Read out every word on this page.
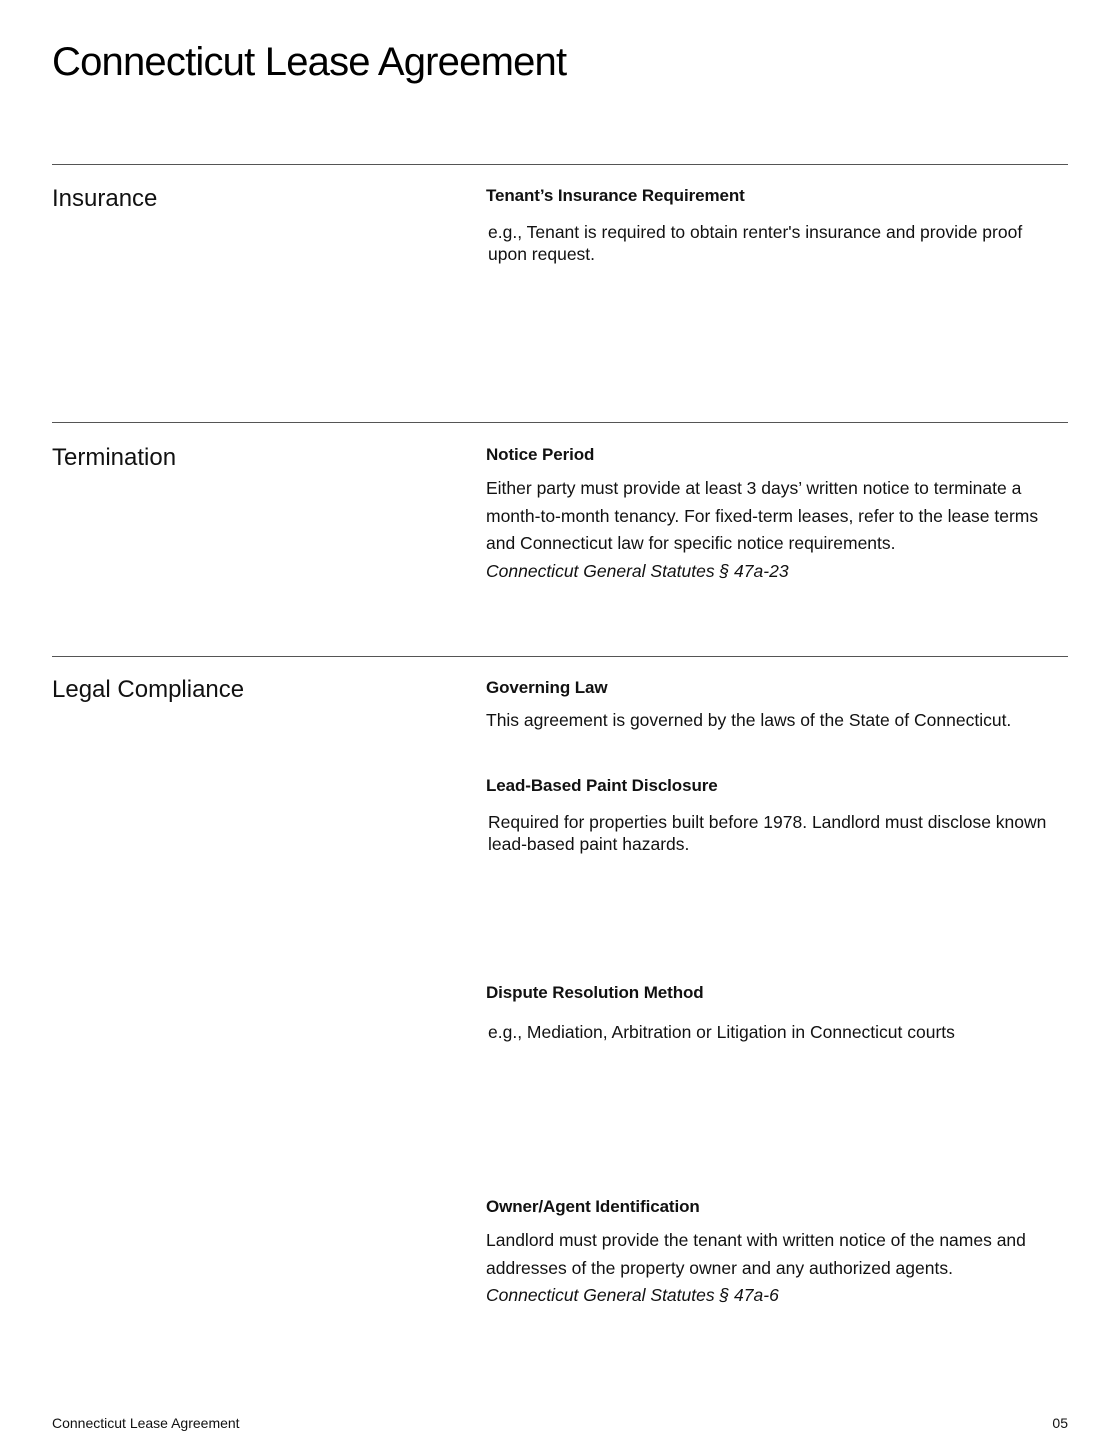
Connecticut Lease Agreement
Insurance	Tenant’s Insurance Requirement
e.g., Tenant is required to obtain renter's insurance and provide proof upon request.
Termination	Notice Period
Either party must provide at least 3 days’ written notice to terminate a month-to-month tenancy. For fixed-term leases, refer to the lease terms and Connecticut law for specific notice requirements.
Connecticut General Statutes § 47a-23
Legal Compliance	Governing Law
This agreement is governed by the laws of the State of Connecticut.
Lead-Based Paint Disclosure
Required for properties built before 1978. Landlord must disclose known lead-based paint hazards.
Dispute Resolution Method
e.g., Mediation, Arbitration or Litigation in Connecticut courts
Owner/Agent Identification
Landlord must provide the tenant with written notice of the names and addresses of the property owner and any authorized agents.
Connecticut General Statutes § 47a-6
Connecticut Lease Agreement	05
